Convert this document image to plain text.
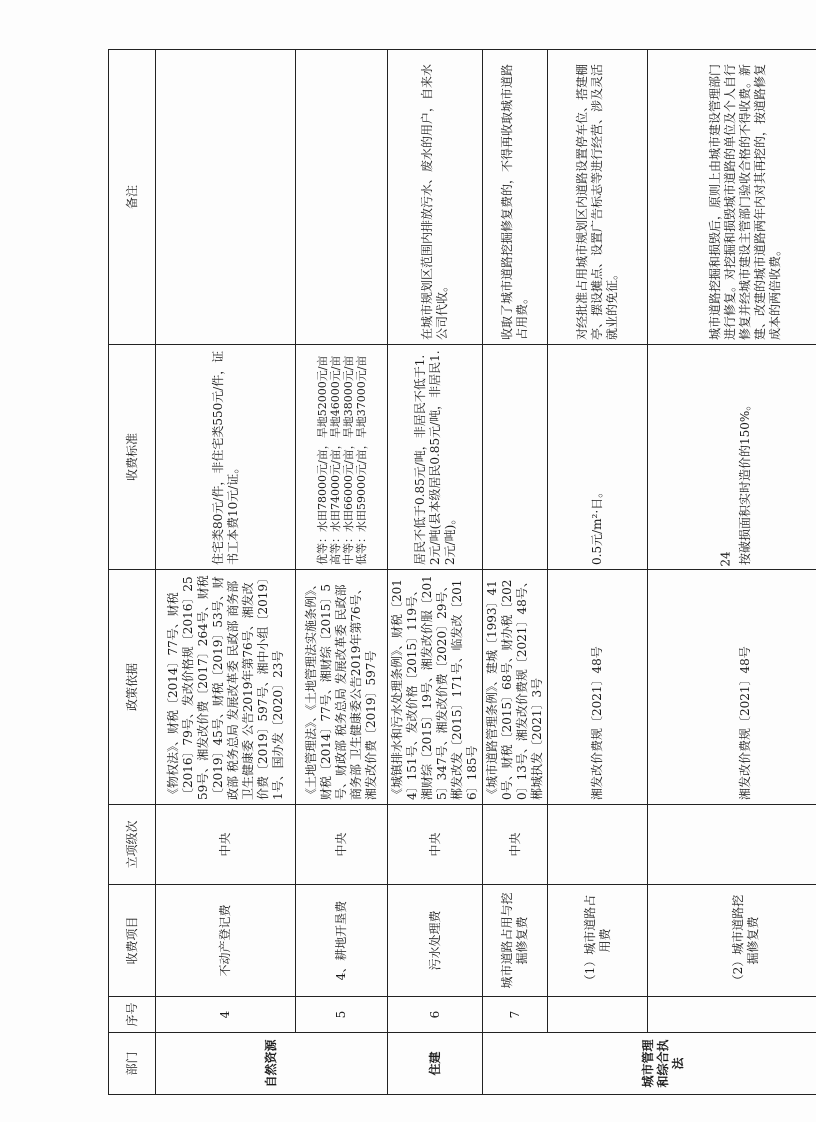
部门	序号	收费项目	立项级次	政策依据	收费标准	备注
自然资源	4	不动产登记费	中央	《物权法》、财税〔2014〕77号、财税〔2016〕79号、发改价格规〔2016〕2559号、湘发改价费〔2017〕264号、财税〔2019〕45号、财税〔2019〕53号、财政部 税务总局 发展改革委 民政部 商务部 卫生健康委 公告2019年第76号、湘发改价费〔2019〕597号、湘中小组〔2019〕1号、国办发〔2020〕23号	住宅类80元/件，非住宅类550元/件，证书工本费10元/证。	
	5	4、耕地开垦费	中央	《土地管理法》、《土地管理法实施条例》、财税〔2014〕77号、湘财综〔2015〕5号、财政部 税务总局 发展改革委 民政部 商务部 卫生健康委公告2019年第76号、湘发改价费〔2019〕597号	优等：水田78000元/亩，旱地52000元/亩 高等：水田74000元/亩，旱地46000元/亩 中等：水田66000元/亩，旱地38000元/亩 低等：水田59000元/亩，旱地37000元/亩	

住建	6	污水处理费	中央	《城镇排水和污水处理条例》、财税〔2014〕151号、发改价格〔2015〕119号、湘财综〔2015〕19号、湘发改价服〔2015〕347号、湘发改价费〔2020〕29号、郴发改发〔2015〕171号、临发改〔2016〕185号	居民不低于0.85元/吨，非居民不低于1.2元/吨(县本级居民0.85元/吨，非居民1.2元/吨)。	在城市规划区范围内排放污水、废水的用户，自来水公司代收。
城市管理和综合执法	7	城市道路占用与挖掘修复费	中央	《城市道路管理条例》、建城〔1993〕410号、财税〔2015〕68号、财办税〔2020〕13号、湘发改价费规〔2021〕48号、郴城执发〔2021〕3号		收取了城市道路挖掘修复费的，不得再收取城市道路占用费。
		（1）城市道路占用费		湘发改价费规〔2021〕48号	0.5元/m²·日。	对经批准占用城市规划区内道路设置停车位、搭建棚亭、摆设摊点、设置广告标志等进行经营、涉及灵活就业的免征。
		（2）城市道路挖掘修复费		湘发改价费规〔2021〕48号	按破损面积实时造价的150%。	城市道路挖掘和损毁后，原则上由城市建设管理部门进行修复。对挖掘和损毁城市道路的单位及个人自行修复并经城市建设主管部门验收合格的不得收费。新建、改建的城市道路两年内对其再挖的，按道路修复成本的两倍收费。
24
